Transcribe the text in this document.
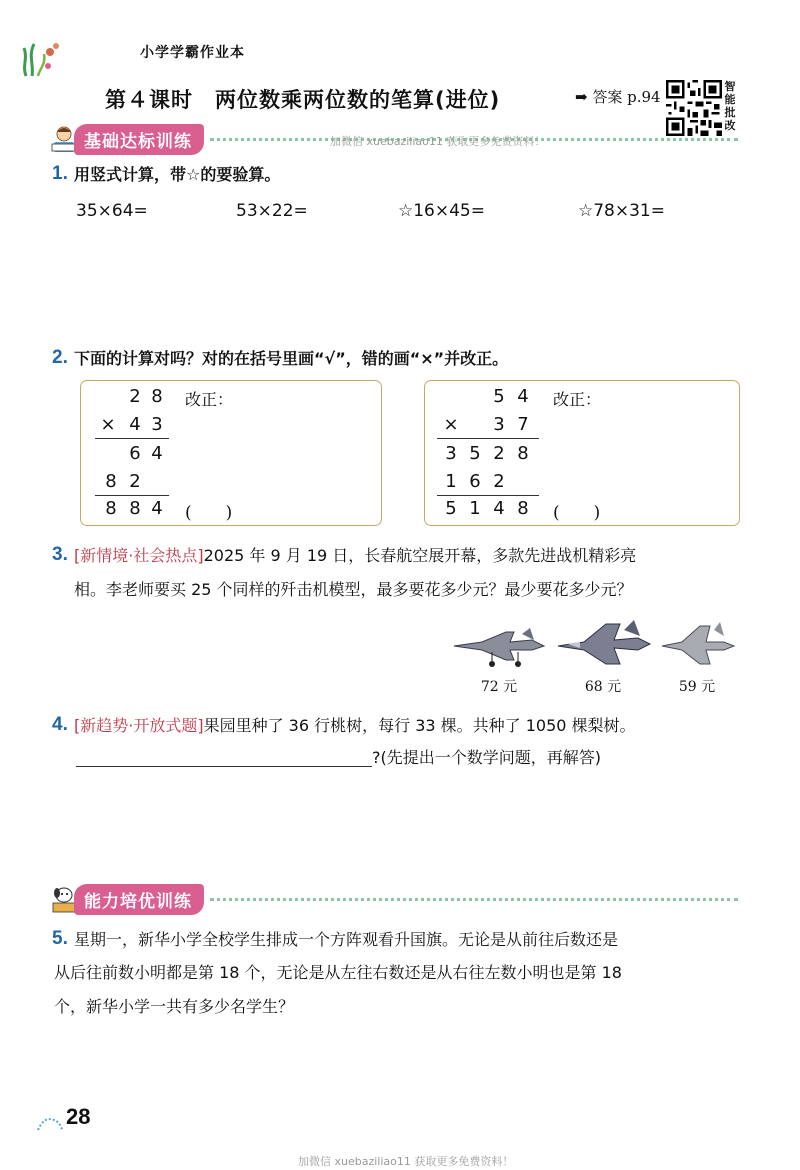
小学学霸作业本
第４课时　两位数乘两位数的笔算(进位)	➡ 答案 p.94
智
能
批
改
基础达标训练	加微信 xuebaziliao11 获取更多免费资料！
1. 用竖式计算，带☆的要验算。
35×64=	53×22=	☆16×45=	☆78×31=
2. 下面的计算对吗？对的在括号里画“√”，错的画“×”并改正。
2 8 改正：
× 4 3
6 4
8 2
8 8 4 (　　)
5 4 改正：
× 3 7
3 5 2 8
1 6 2
5 1 4 8 (　　)
3. [新情境·社会热点]2025 年 9 月 19 日，长春航空展开幕，多款先进战机精彩亮
相。李老师要买 25 个同样的歼击机模型，最多要花多少元？最少要花多少元？
72 元	68 元	59 元
4. [新趋势·开放式题]果园里种了 36 行桃树，每行 33 棵。共种了 1050 棵梨树。
?(先提出一个数学问题，再解答)
能力培优训练
5. 星期一，新华小学全校学生排成一个方阵观看升国旗。无论是从前往后数还是
从后往前数小明都是第 18 个，无论是从左往右数还是从右往左数小明也是第 18
个，新华小学一共有多少名学生？
28
加微信 xuebaziliao11 获取更多免费资料！
